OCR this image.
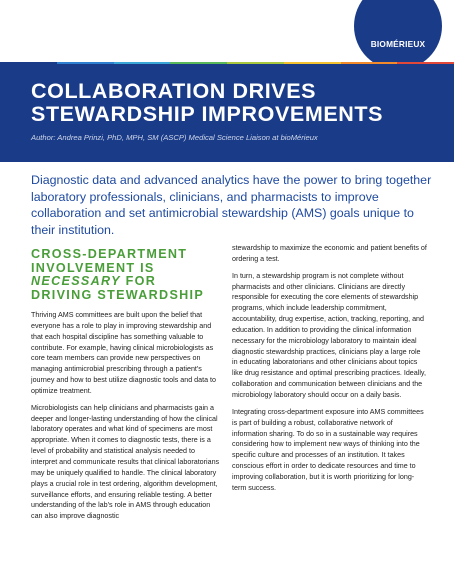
BIOMÉRIEUX
COLLABORATION DRIVES
STEWARDSHIP IMPROVEMENTS
Author: Andrea Prinzi, PhD, MPH, SM (ASCP) Medical Science Liaison at bioMérieux
Diagnostic data and advanced analytics have the power to bring together laboratory professionals, clinicians, and pharmacists to improve collaboration and set antimicrobial stewardship (AMS) goals unique to their institution.
CROSS-DEPARTMENT
INVOLVEMENT IS
NECESSARY FOR
DRIVING STEWARDSHIP

Thriving AMS committees are built upon the belief that everyone has a role to play in improving stewardship and that each hospital discipline has something valuable to contribute. For example, having clinical microbiologists as core team members can provide new perspectives on managing antimicrobial prescribing through a patient's journey and how to best utilize diagnostic tools and data to optimize treatment.

Microbiologists can help clinicians and pharmacists gain a deeper and longer-lasting understanding of how the clinical laboratory operates and what kind of specimens are most appropriate. When it comes to diagnostic tests, there is a level of probability and statistical analysis needed to interpret and communicate results that clinical laboratorians may be uniquely qualified to handle. The clinical laboratory plays a crucial role in test ordering, algorithm development, surveillance efforts, and ensuring reliable testing. A better understanding of the lab's role in AMS through education can also improve diagnostic

stewardship to maximize the economic and patient benefits of ordering a test.

In turn, a stewardship program is not complete without pharmacists and other clinicians. Clinicians are directly responsible for executing the core elements of stewardship programs, which include leadership commitment, accountability, drug expertise, action, tracking, reporting, and education. In addition to providing the clinical information necessary for the microbiology laboratory to maintain ideal diagnostic stewardship practices, clinicians play a large role in educating laboratorians and other clinicians about topics like drug resistance and optimal prescribing practices. Ideally, collaboration and communication between clinicians and the microbiology laboratory should occur on a daily basis.

Integrating cross-department exposure into AMS committees is part of building a robust, collaborative network of information sharing. To do so in a sustainable way requires considering how to implement new ways of thinking into the specific culture and processes of an institution. It takes conscious effort in order to dedicate resources and time to improving collaboration, but it is worth prioritizing for long-term success.
